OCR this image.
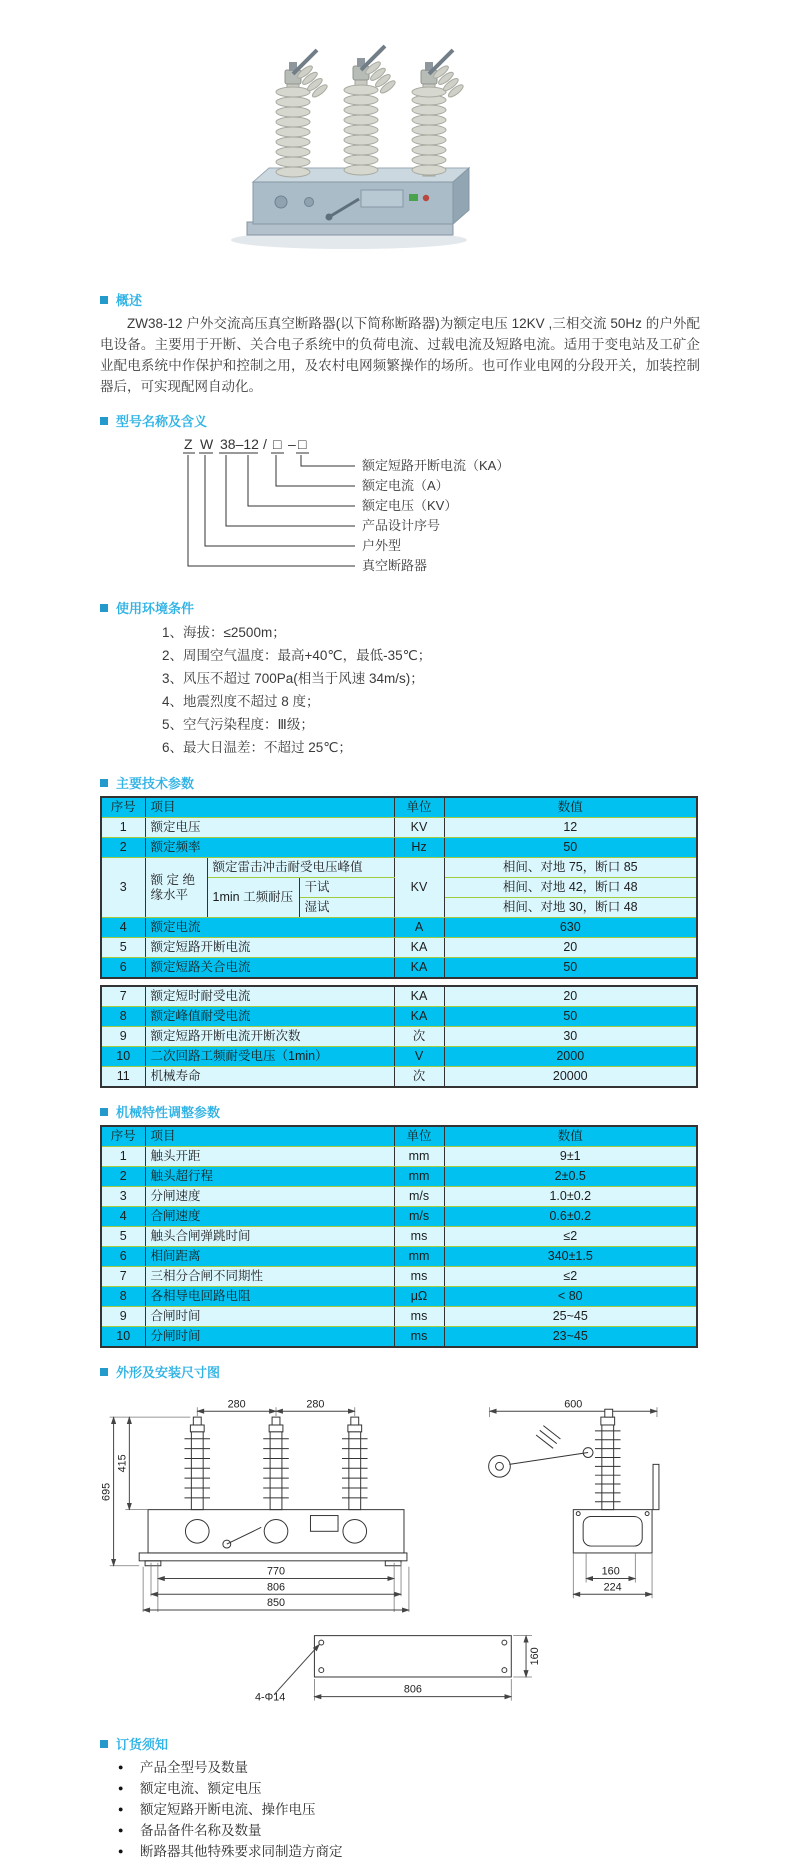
概述

ZW38-12 户外交流高压真空断路器(以下简称断路器)为额定电压 12KV ,三相交流 50Hz 的户外配电设备。主要用于开断、关合电子系统中的负荷电流、过载电流及短路电流。适用于变电站及工矿企业配电系统中作保护和控制之用，及农村电网频繁操作的场所。也可作业电网的分段开关，加装控制器后，可实现配网自动化。

型号名称及含义
Z W 38–12 / □ – □
额定短路开断电流（KA）
额定电流（A）
额定电压（KV）
产品设计序号
户外型
真空断路器
使用环境条件
1、海拔：≤2500m；
2、周围空气温度：最高+40℃，最低-35℃；
3、风压不超过 700Pa(相当于风速 34m/s)；
4、地震烈度不超过 8 度；
5、空气污染程度：Ⅲ级；
6、最大日温差：不超过 25℃；
主要技术参数
序号	项目			单位	数值
1	额定电压			KV	12
2	额定频率			Hz	50
3	额 定 绝 缘水平	额定雷击冲击耐受电压峰值		KV	相间、对地 75，断口 85
		1min 工频耐压	干试		相间、对地 42，断口 48
			湿试		相间、对地 30，断口 48
4	额定电流			A	630
5	额定短路开断电流			KA	20
6	额定短路关合电流			KA	50
7	额定短时耐受电流	KA	20
8	额定峰值耐受电流	KA	50
9	额定短路开断电流开断次数	次	30
10	二次回路工频耐受电压（1min）	V	2000
11	机械寿命	次	20000
机械特性调整参数
序号	项目	单位	数值
1	触头开距	mm	9±1
2	触头超行程	mm	2±0.5
3	分闸速度	m/s	1.0±0.2
4	合闸速度	m/s	0.6±0.2
5	触头合闸弹跳时间	ms	≤2
6	相间距离	mm	340±1.5
7	三相分合闸不同期性	ms	≤2
8	各相导电回路电阻	μΩ	< 80
9	合闸时间	ms	25~45
10	分闸时间	ms	23~45
外形及安装尺寸图
280	280
695
415
770
806
850
600
160
224
4-Φ14
806
160
订货须知
●	产品全型号及数量
●	额定电流、额定电压
●	额定短路开断电流、操作电压
●	备品备件名称及数量
●	断路器其他特殊要求同制造方商定
